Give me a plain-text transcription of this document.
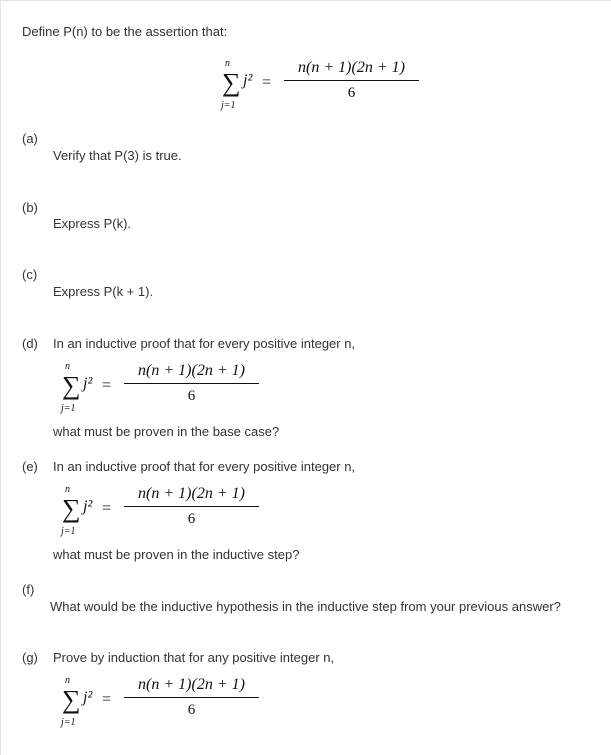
Define P(n) to be the assertion that:
n
∑
j=1
j² =
n(n + 1)(2n + 1)
6
(a)
Verify that P(3) is true.
(b)
Express P(k).
(c)
Express P(k + 1).
(d) In an inductive proof that for every positive integer n,
n
∑
j=1
j² =
n(n + 1)(2n + 1)
6
what must be proven in the base case?
(e) In an inductive proof that for every positive integer n,
n
∑
j=1
j² =
n(n + 1)(2n + 1)
6
what must be proven in the inductive step?
(f)
What would be the inductive hypothesis in the inductive step from your previous answer?
(g) Prove by induction that for any positive integer n,
n
∑
j=1
j² =
n(n + 1)(2n + 1)
6
